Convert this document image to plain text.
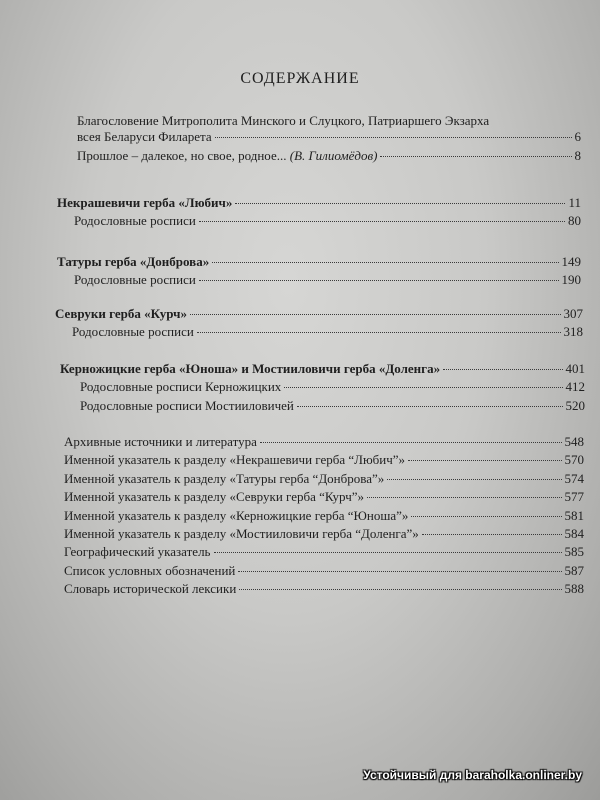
СОДЕРЖАНИЕ
Благословение Митрополита Минского и Слуцкого, Патриаршего Экзарха
всея Беларуси Филарета	6
Прошлое – далекое, но свое, родное... (В. Гилиомёдов)	8
Некрашевичи герба «Любич»	11
Родословные росписи	80
Татуры герба «Донброва»	149
Родословные росписи	190
Севруки герба «Курч»	307
Родословные росписи	318
Керножицкие герба «Юноша» и Мостииловичи герба «Доленга»	401
Родословные росписи Керножицких	412
Родословные росписи Мостииловичей	520
Архивные источники и литература	548
Именной указатель к разделу «Некрашевичи герба “Любич”»	570
Именной указатель к разделу «Татуры герба “Донброва”»	574
Именной указатель к разделу «Севруки герба “Курч”»	577
Именной указатель к разделу «Керножицкие герба “Юноша”»	581
Именной указатель к разделу «Мостииловичи герба “Доленга”»	584
Географический указатель	585
Список условных обозначений	587
Словарь исторической лексики	588
Устойчивый для baraholka.onliner.by
